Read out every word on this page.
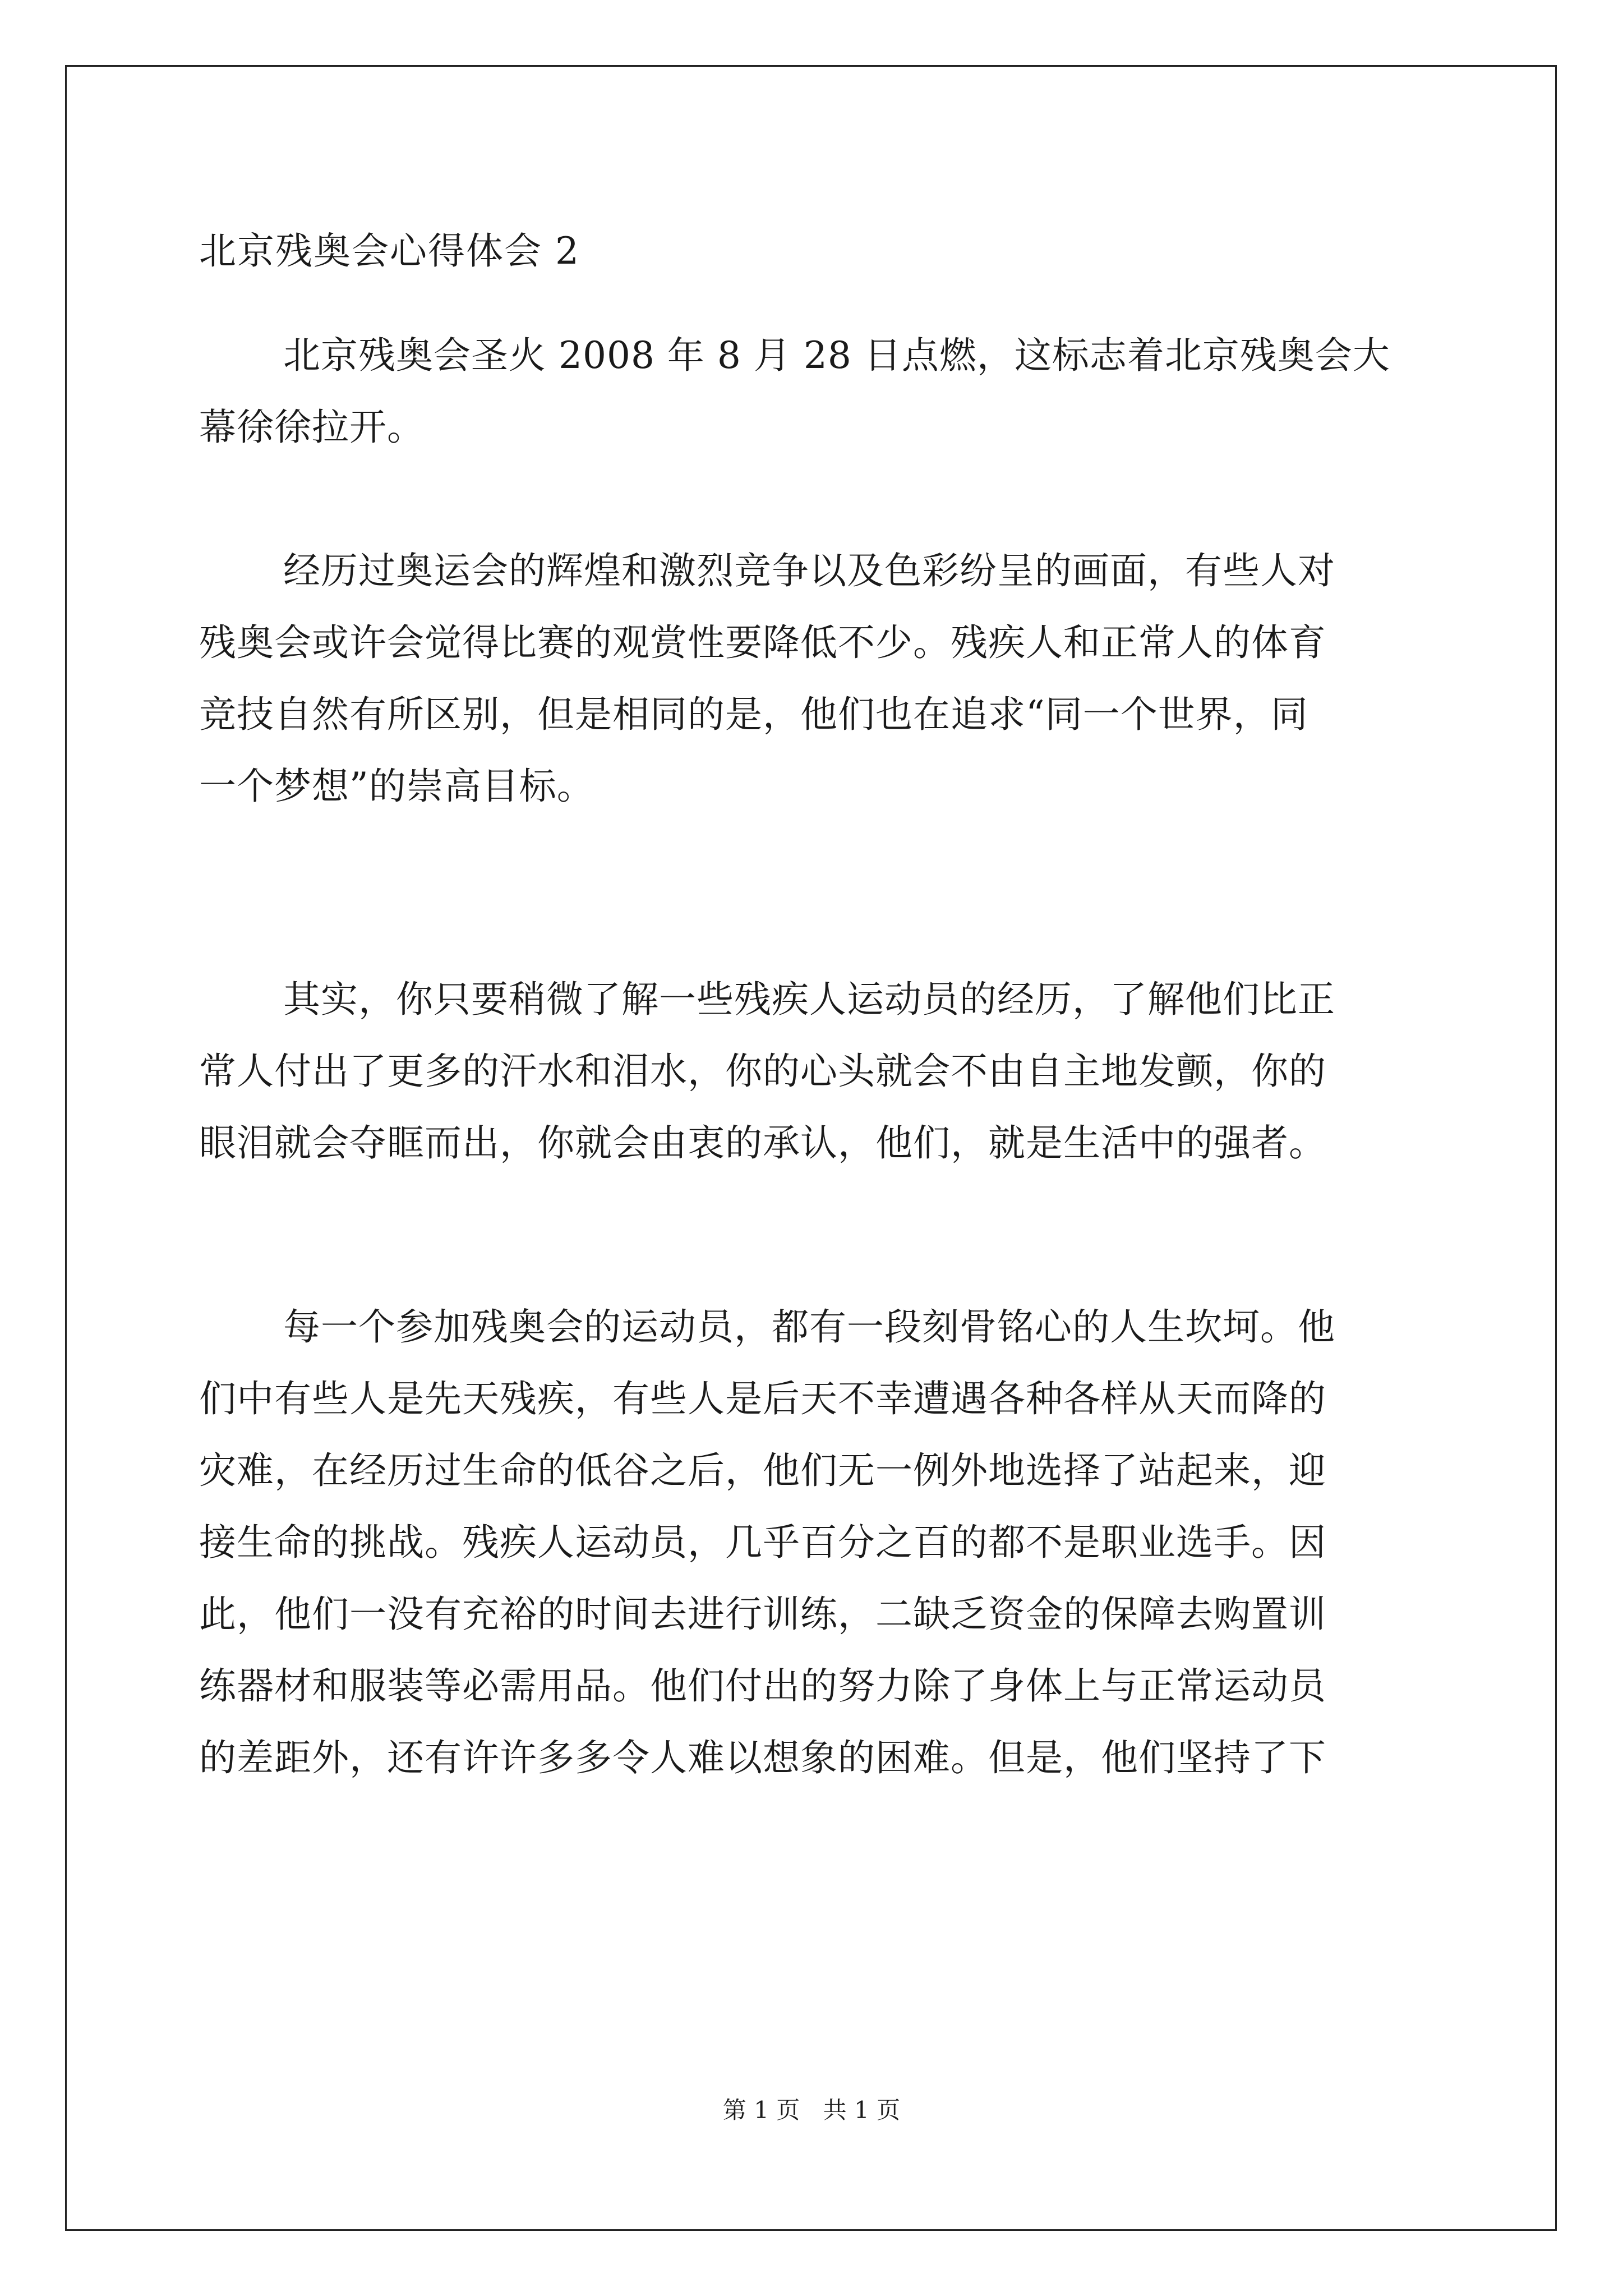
北京残奥会心得体会 2
北京残奥会圣火 2008 年 8 月 28 日点燃，这标志着北京残奥会大
幕徐徐拉开。
经历过奥运会的辉煌和激烈竞争以及色彩纷呈的画面，有些人对
残奥会或许会觉得比赛的观赏性要降低不少。残疾人和正常人的体育
竞技自然有所区别，但是相同的是，他们也在追求“同一个世界，同
一个梦想”的崇高目标。
其实，你只要稍微了解一些残疾人运动员的经历，了解他们比正
常人付出了更多的汗水和泪水，你的心头就会不由自主地发颤，你的
眼泪就会夺眶而出，你就会由衷的承认，他们，就是生活中的强者。
每一个参加残奥会的运动员，都有一段刻骨铭心的人生坎坷。他
们中有些人是先天残疾，有些人是后天不幸遭遇各种各样从天而降的
灾难，在经历过生命的低谷之后，他们无一例外地选择了站起来，迎
接生命的挑战。残疾人运动员，几乎百分之百的都不是职业选手。因
此，他们一没有充裕的时间去进行训练，二缺乏资金的保障去购置训
练器材和服装等必需用品。他们付出的努力除了身体上与正常运动员
的差距外，还有许许多多令人难以想象的困难。但是，他们坚持了下
第 1 页 共 1 页
